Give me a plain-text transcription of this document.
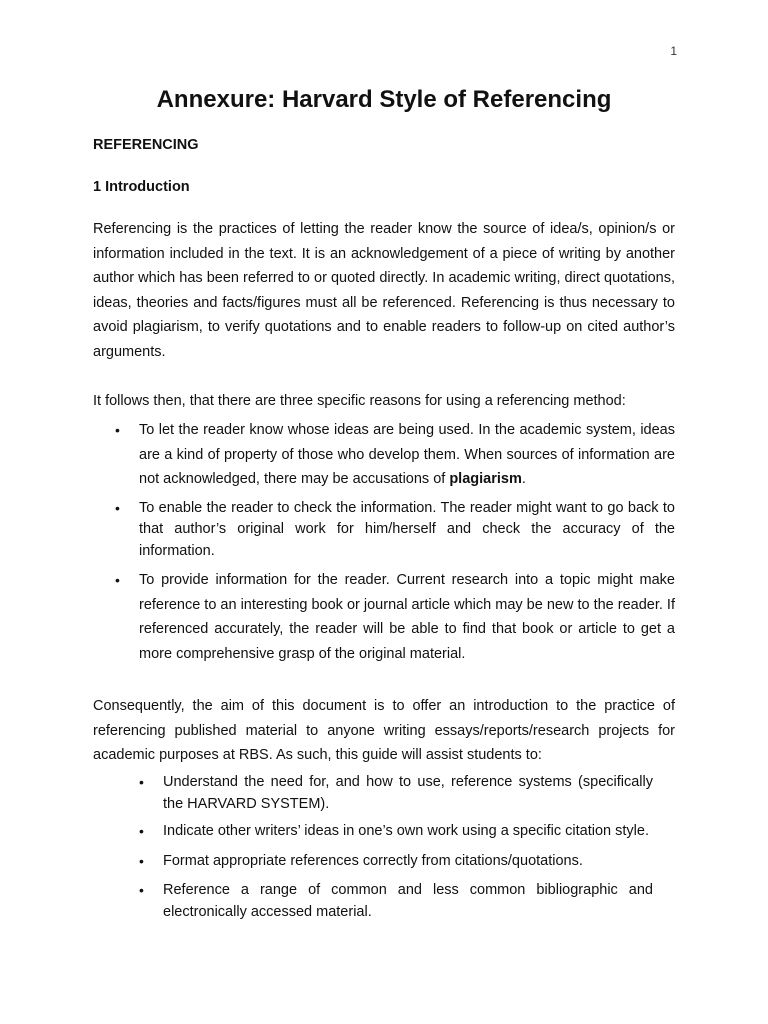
1
Annexure: Harvard Style of Referencing
REFERENCING
1 Introduction

Referencing is the practices of letting the reader know the source of idea/s, opinion/s or information included in the text. It is an acknowledgement of a piece of writing by another author which has been referred to or quoted directly. In academic writing, direct quotations, ideas, theories and facts/figures must all be referenced. Referencing is thus necessary to avoid plagiarism, to verify quotations and to enable readers to follow-up on cited author’s arguments.

It follows then, that there are three specific reasons for using a referencing method:

• To let the reader know whose ideas are being used. In the academic system, ideas are a kind of property of those who develop them. When sources of information are not acknowledged, there may be accusations of plagiarism.
• To enable the reader to check the information. The reader might want to go back to that author’s original work for him/herself and check the accuracy of the information.
• To provide information for the reader. Current research into a topic might make reference to an interesting book or journal article which may be new to the reader. If referenced accurately, the reader will be able to find that book or article to get a more comprehensive grasp of the original material.

Consequently, the aim of this document is to offer an introduction to the practice of referencing published material to anyone writing essays/reports/research projects for academic purposes at RBS. As such, this guide will assist students to:

• Understand the need for, and how to use, reference systems (specifically the HARVARD SYSTEM).
• Indicate other writers’ ideas in one’s own work using a specific citation style.
• Format appropriate references correctly from citations/quotations.
• Reference a range of common and less common bibliographic and electronically accessed material.
